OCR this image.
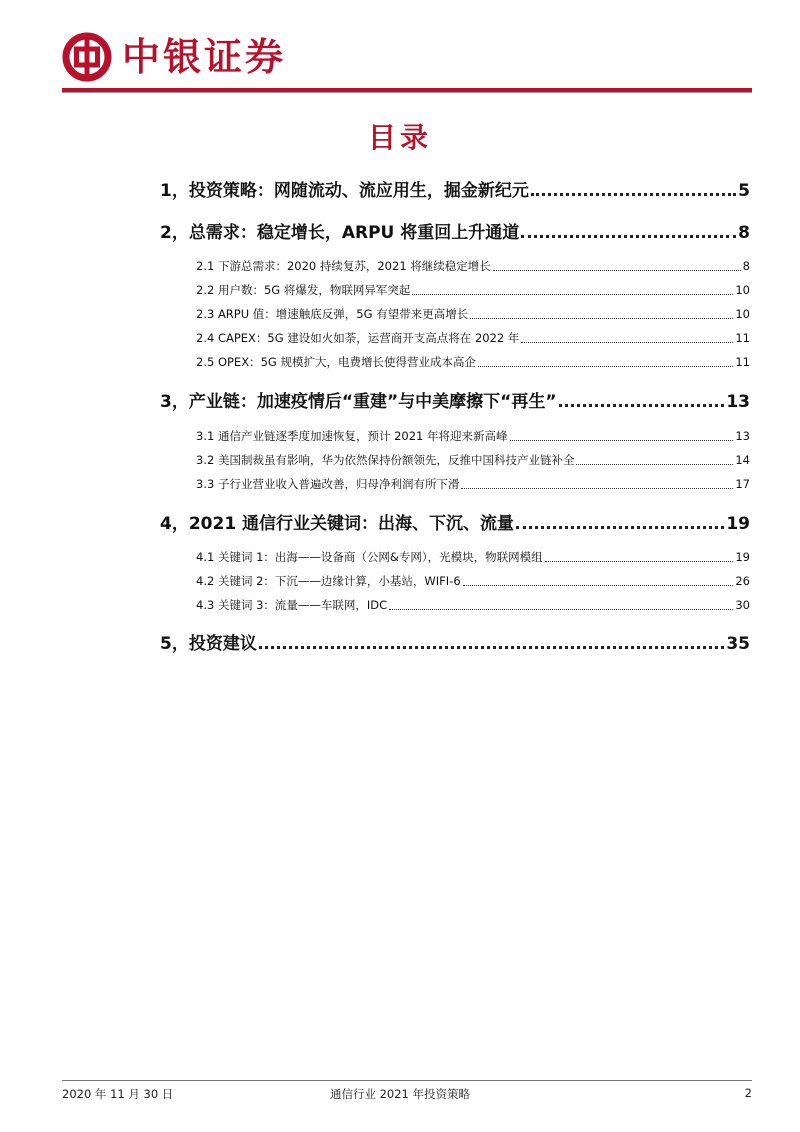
中银证券
目录
1，投资策略：网随流动、流应用生，掘金新纪元	5
2，总需求：稳定增长，ARPU 将重回上升通道	8
2.1 下游总需求：2020 持续复苏，2021 将继续稳定增长	8
2.2 用户数：5G 将爆发，物联网异军突起	10
2.3 ARPU 值：增速触底反弹，5G 有望带来更高增长	10
2.4 CAPEX：5G 建设如火如荼，运营商开支高点将在 2022 年	11
2.5 OPEX：5G 规模扩大，电费增长使得营业成本高企	11
3，产业链：加速疫情后“重建”与中美摩擦下“再生”	13
3.1 通信产业链逐季度加速恢复，预计 2021 年将迎来新高峰	13
3.2 美国制裁虽有影响，华为依然保持份额领先，反推中国科技产业链补全	14
3.3 子行业营业收入普遍改善，归母净利润有所下滑	17
4，2021 通信行业关键词：出海、下沉、流量	19
4.1 关键词 1：出海——设备商（公网&专网），光模块，物联网模组	19
4.2 关键词 2：下沉——边缘计算，小基站，WIFI-6	26
4.3 关键词 3：流量——车联网，IDC	30
5，投资建议	35
2020 年 11 月 30 日	通信行业 2021 年投资策略	2
